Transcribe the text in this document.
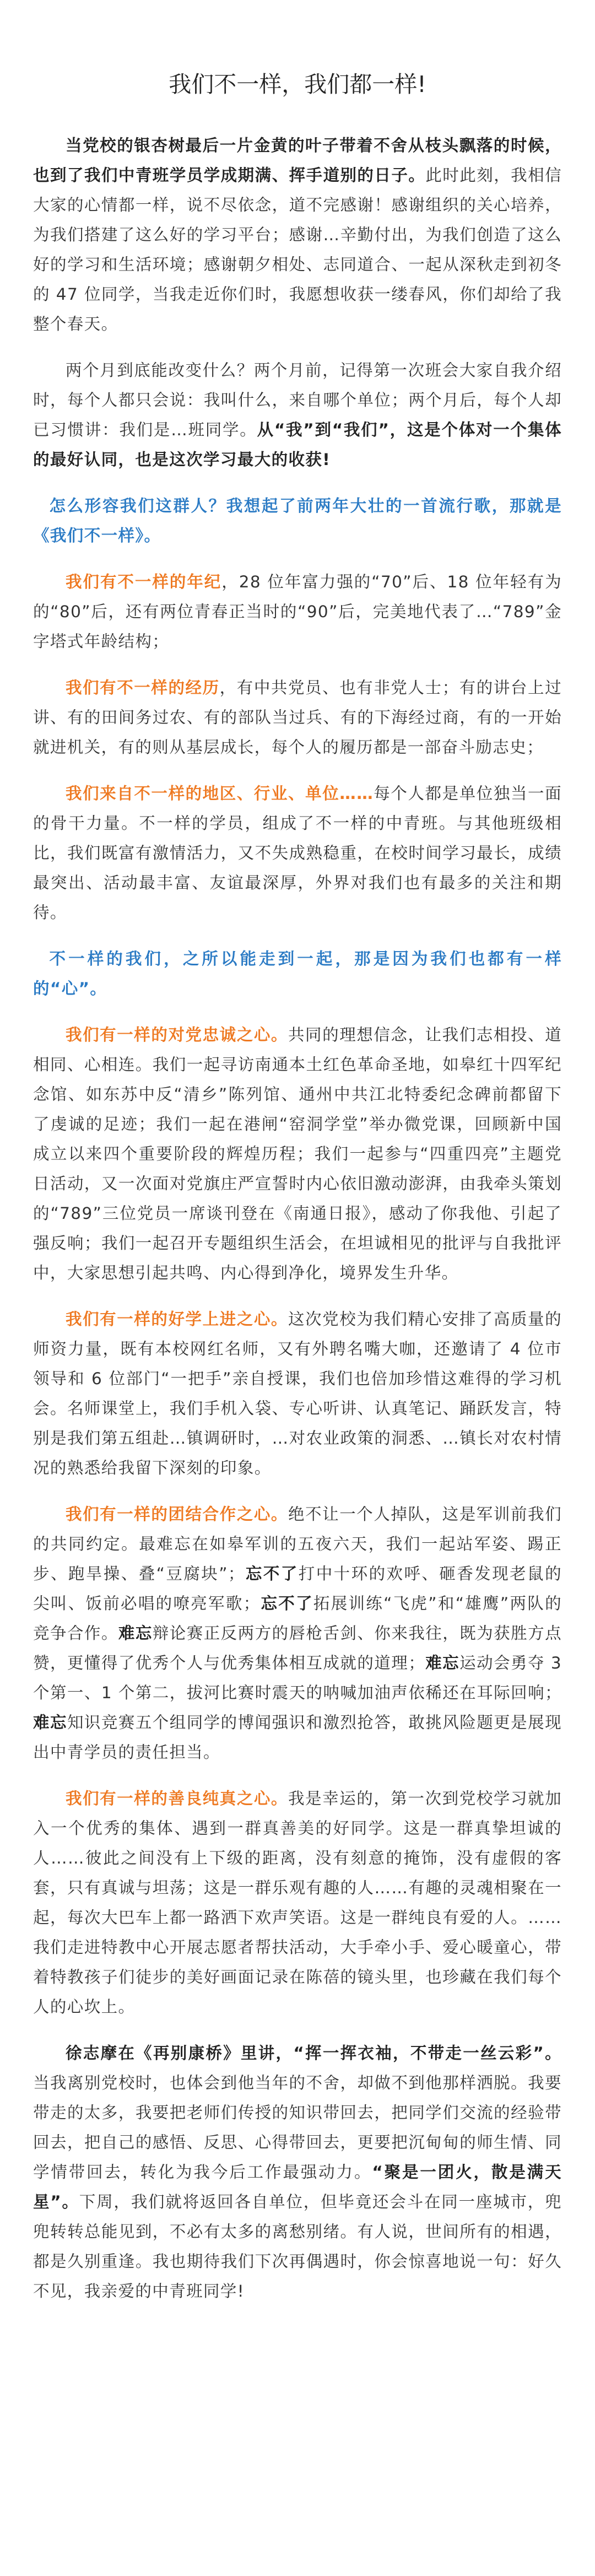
我们不一样，我们都一样!

当党校的银杏树最后一片金黄的叶子带着不舍从枝头飘落的时候，也到了我们中青班学员学成期满、挥手道别的日子。此时此刻，我相信大家的心情都一样，说不尽依念，道不完感谢！感谢组织的关心培养，为我们搭建了这么好的学习平台；感谢…辛勤付出，为我们创造了这么好的学习和生活环境；感谢朝夕相处、志同道合、一起从深秋走到初冬的 47 位同学，当我走近你们时，我愿想收获一缕春风，你们却给了我整个春天。

两个月到底能改变什么？两个月前，记得第一次班会大家自我介绍时，每个人都只会说：我叫什么，来自哪个单位；两个月后，每个人却已习惯讲：我们是…班同学。从“我”到“我们”，这是个体对一个集体的最好认同，也是这次学习最大的收获!

怎么形容我们这群人？我想起了前两年大壮的一首流行歌，那就是《我们不一样》。

我们有不一样的年纪，28 位年富力强的“70”后、18 位年轻有为的“80”后，还有两位青春正当时的“90”后，完美地代表了…“789”金字塔式年龄结构；

我们有不一样的经历，有中共党员、也有非党人士；有的讲台上过讲、有的田间务过农、有的部队当过兵、有的下海经过商，有的一开始就进机关，有的则从基层成长，每个人的履历都是一部奋斗励志史；

我们来自不一样的地区、行业、单位……每个人都是单位独当一面的骨干力量。不一样的学员，组成了不一样的中青班。与其他班级相比，我们既富有激情活力，又不失成熟稳重，在校时间学习最长，成绩最突出、活动最丰富、友谊最深厚，外界对我们也有最多的关注和期待。

不一样的我们，之所以能走到一起，那是因为我们也都有一样的“心”。

我们有一样的对党忠诚之心。共同的理想信念，让我们志相投、道相同、心相连。我们一起寻访南通本土红色革命圣地，如皋红十四军纪念馆、如东苏中反“清乡”陈列馆、通州中共江北特委纪念碑前都留下了虔诚的足迹；我们一起在港闸“窑洞学堂”举办微党课，回顾新中国成立以来四个重要阶段的辉煌历程；我们一起参与“四重四亮”主题党日活动，又一次面对党旗庄严宣誓时内心依旧激动澎湃，由我牵头策划的“789”三位党员一席谈刊登在《南通日报》，感动了你我他、引起了强反响；我们一起召开专题组织生活会，在坦诚相见的批评与自我批评中，大家思想引起共鸣、内心得到净化，境界发生升华。

我们有一样的好学上进之心。这次党校为我们精心安排了高质量的师资力量，既有本校网红名师，又有外聘名嘴大咖，还邀请了 4 位市领导和 6 位部门“一把手”亲自授课，我们也倍加珍惜这难得的学习机会。名师课堂上，我们手机入袋、专心听讲、认真笔记、踊跃发言，特别是我们第五组赴…镇调研时，…对农业政策的洞悉、…镇长对农村情况的熟悉给我留下深刻的印象。

我们有一样的团结合作之心。绝不让一个人掉队，这是军训前我们的共同约定。最难忘在如皋军训的五夜六天，我们一起站军姿、踢正步、跑旱操、叠“豆腐块”；忘不了打中十环的欢呼、砸香发现老鼠的尖叫、饭前必唱的嘹亮军歌；忘不了拓展训练“飞虎”和“雄鹰”两队的竞争合作。难忘辩论赛正反两方的唇枪舌剑、你来我往，既为获胜方点赞，更懂得了优秀个人与优秀集体相互成就的道理；难忘运动会勇夺 3 个第一、1 个第二，拔河比赛时震天的呐喊加油声依稀还在耳际回响；难忘知识竞赛五个组同学的博闻强识和激烈抢答，敢挑风险题更是展现出中青学员的责任担当。

我们有一样的善良纯真之心。我是幸运的，第一次到党校学习就加入一个优秀的集体、遇到一群真善美的好同学。这是一群真挚坦诚的人……彼此之间没有上下级的距离，没有刻意的掩饰，没有虚假的客套，只有真诚与坦荡；这是一群乐观有趣的人……有趣的灵魂相聚在一起，每次大巴车上都一路洒下欢声笑语。这是一群纯良有爱的人。……我们走进特教中心开展志愿者帮扶活动，大手牵小手、爱心暖童心，带着特教孩子们徒步的美好画面记录在陈蓓的镜头里，也珍藏在我们每个人的心坎上。

徐志摩在《再别康桥》里讲，“挥一挥衣袖，不带走一丝云彩”。当我离别党校时，也体会到他当年的不舍，却做不到他那样洒脱。我要带走的太多，我要把老师们传授的知识带回去，把同学们交流的经验带回去，把自己的感悟、反思、心得带回去，更要把沉甸甸的师生情、同学情带回去，转化为我今后工作最强动力。“聚是一团火，散是满天星”。下周，我们就将返回各自单位，但毕竟还会斗在同一座城市，兜兜转转总能见到，不必有太多的离愁别绪。有人说，世间所有的相遇，都是久别重逢。我也期待我们下次再偶遇时，你会惊喜地说一句：好久不见，我亲爱的中青班同学!
